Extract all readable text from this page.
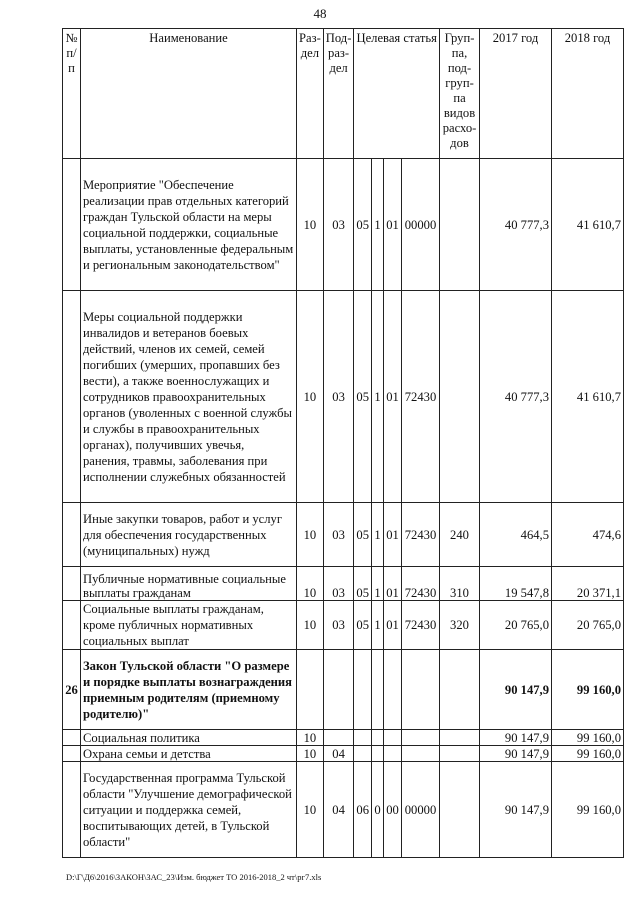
48
№ п/ п	Наименование	Раз-дел	Под-раз-дел	Целевая статья				Груп-па, под-груп-па видов расхо-дов	2017 год	2018 год
	Мероприятие "Обеспечение реализации прав отдельных категорий граждан Тульской области на меры социальной поддержки, социальные выплаты, установленные федеральным и региональным законодательством"	10	03	05	1	01	00000		40 777,3	41 610,7
	Меры социальной поддержки инвалидов и ветеранов боевых действий, членов их семей, семей погибших (умерших, пропавших без вести), а также военнослужащих и сотрудников правоохранительных органов (уволенных с военной службы и службы в правоохранительных органах), получивших увечья, ранения, травмы, заболевания при исполнении служебных обязанностей	10	03	05	1	01	72430		40 777,3	41 610,7
	Иные закупки товаров, работ и услуг для обеспечения государственных (муниципальных) нужд	10	03	05	1	01	72430	240	464,5	474,6
	Публичные нормативные социальные выплаты гражданам	10	03	05	1	01	72430	310	19 547,8	20 371,1
	Социальные выплаты гражданам, кроме публичных нормативных социальных выплат	10	03	05	1	01	72430	320	20 765,0	20 765,0
26	Закон Тульской области "О размере и порядке выплаты вознаграждения приемным родителям (приемному родителю)"								90 147,9	99 160,0
	Социальная политика	10							90 147,9	99 160,0
	Охрана семьи и детства	10	04						90 147,9	99 160,0
	Государственная программа Тульской области "Улучшение демографической ситуации и поддержка семей, воспитывающих детей, в Тульской области"	10	04	06	0	00	00000		90 147,9	99 160,0
D:\Г\Д6\2016\ЗАКОН\ЗАС_23\Изм. бюджет ТО 2016-2018_2 чт\рг7.xls
